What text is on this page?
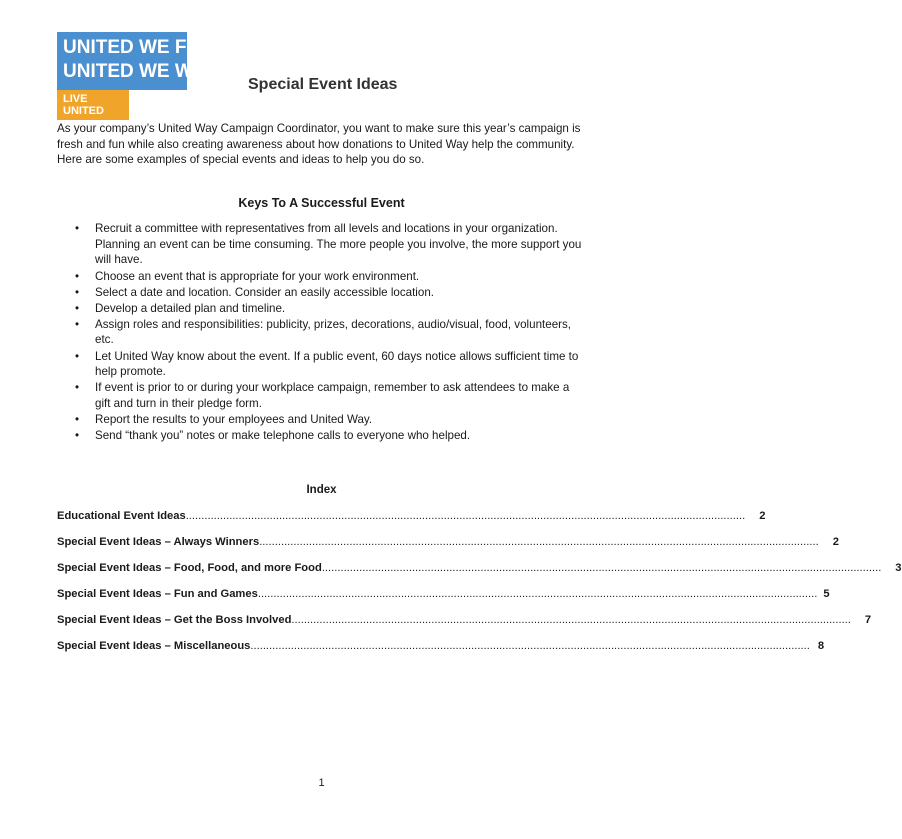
UNITED WE FIGHT.
UNITED WE WIN.
LIVE UNITED
Special Event Ideas
As your company’s United Way Campaign Coordinator, you want to make sure this year’s campaign is fresh and fun while also creating awareness about how donations to United Way help the community. Here are some examples of special events and ideas to help you do so.
Keys To A Successful Event
• Recruit a committee with representatives from all levels and locations in your organization. Planning an event can be time consuming. The more people you involve, the more support you will have.
• Choose an event that is appropriate for your work environment.
• Select a date and location. Consider an easily accessible location.
• Develop a detailed plan and timeline.
• Assign roles and responsibilities: publicity, prizes, decorations, audio/visual, food, volunteers, etc.
• Let United Way know about the event. If a public event, 60 days notice allows sufficient time to help promote.
• If event is prior to or during your workplace campaign, remember to ask attendees to make a gift and turn in their pledge form.
• Report the results to your employees and United Way.
• Send “thank you” notes or make telephone calls to everyone who helped.
Index
Educational Event Ideas .................................................................................................................................................................................... 2
Special Event Ideas – Always Winners .................................................................................................................................................................................... 2
Special Event Ideas – Food, Food, and more Food .................................................................................................................................................................................... 3
Special Event Ideas – Fun and Games .................................................................................................................................................................................... 5
Special Event Ideas – Get the Boss Involved .................................................................................................................................................................................... 7
Special Event Ideas – Miscellaneous .................................................................................................................................................................................... 8
1
